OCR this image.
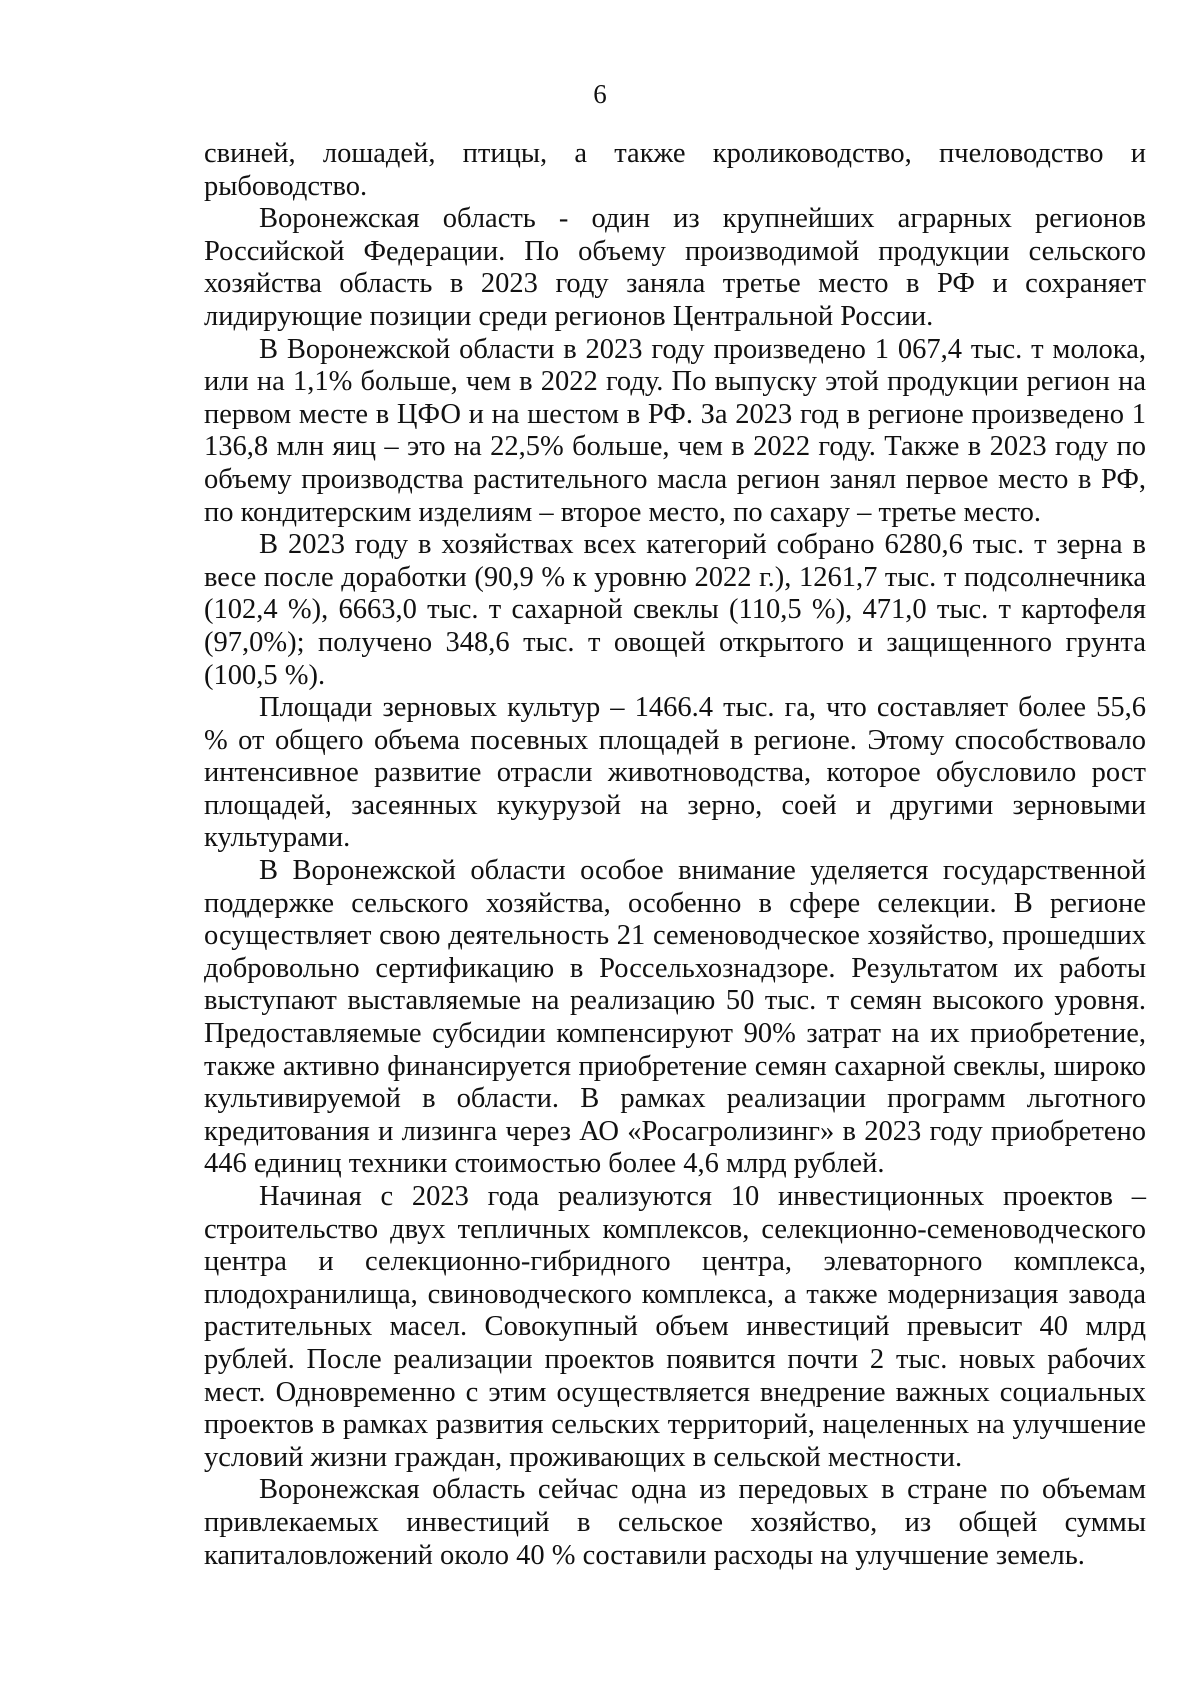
6

свиней, лошадей, птицы, а также кролиководство, пчеловодство и рыбоводство.

Воронежская область - один из крупнейших аграрных регионов Российской Федерации. По объему производимой продукции сельского хозяйства область в 2023 году заняла третье место в РФ и сохраняет лидирующие позиции среди регионов Центральной России.

В Воронежской области в 2023 году произведено 1 067,4 тыс. т молока, или на 1,1% больше, чем в 2022 году. По выпуску этой продукции регион на первом месте в ЦФО и на шестом в РФ. За 2023 год в регионе произведено 1 136,8 млн яиц – это на 22,5% больше, чем в 2022 году. Также в 2023 году по объему производства растительного масла регион занял первое место в РФ, по кондитерским изделиям – второе место, по сахару – третье место.

В 2023 году в хозяйствах всех категорий собрано 6280,6 тыс. т зерна в весе после доработки (90,9 % к уровню 2022 г.), 1261,7 тыс. т подсолнечника (102,4 %), 6663,0 тыс. т сахарной свеклы (110,5 %), 471,0 тыс. т картофеля (97,0%); получено 348,6 тыс. т овощей открытого и защищенного грунта (100,5 %).

Площади зерновых культур – 1466.4 тыс. га, что составляет более 55,6 % от общего объема посевных площадей в регионе. Этому способствовало интенсивное развитие отрасли животноводства, которое обусловило рост площадей, засеянных кукурузой на зерно, соей и другими зерновыми культурами.

В Воронежской области особое внимание уделяется государственной поддержке сельского хозяйства, особенно в сфере селекции. В регионе осуществляет свою деятельность 21 семеноводческое хозяйство, прошедших добровольно сертификацию в Россельхознадзоре. Результатом их работы выступают выставляемые на реализацию 50 тыс. т семян высокого уровня. Предоставляемые субсидии компенсируют 90% затрат на их приобретение, также активно финансируется приобретение семян сахарной свеклы, широко культивируемой в области. В рамках реализации программ льготного кредитования и лизинга через АО «Росагролизинг» в 2023 году приобретено 446 единиц техники стоимостью более 4,6 млрд рублей.

Начиная с 2023 года реализуются 10 инвестиционных проектов – строительство двух тепличных комплексов, селекционно-семеноводческого центра и селекционно-гибридного центра, элеваторного комплекса, плодохранилища, свиноводческого комплекса, а также модернизация завода растительных масел. Совокупный объем инвестиций превысит 40 млрд рублей. После реализации проектов появится почти 2 тыс. новых рабочих мест. Одновременно с этим осуществляется внедрение важных социальных проектов в рамках развития сельских территорий, нацеленных на улучшение условий жизни граждан, проживающих в сельской местности.

Воронежская область сейчас одна из передовых в стране по объемам привлекаемых инвестиций в сельское хозяйство, из общей суммы капиталовложений около 40 % составили расходы на улучшение земель.
